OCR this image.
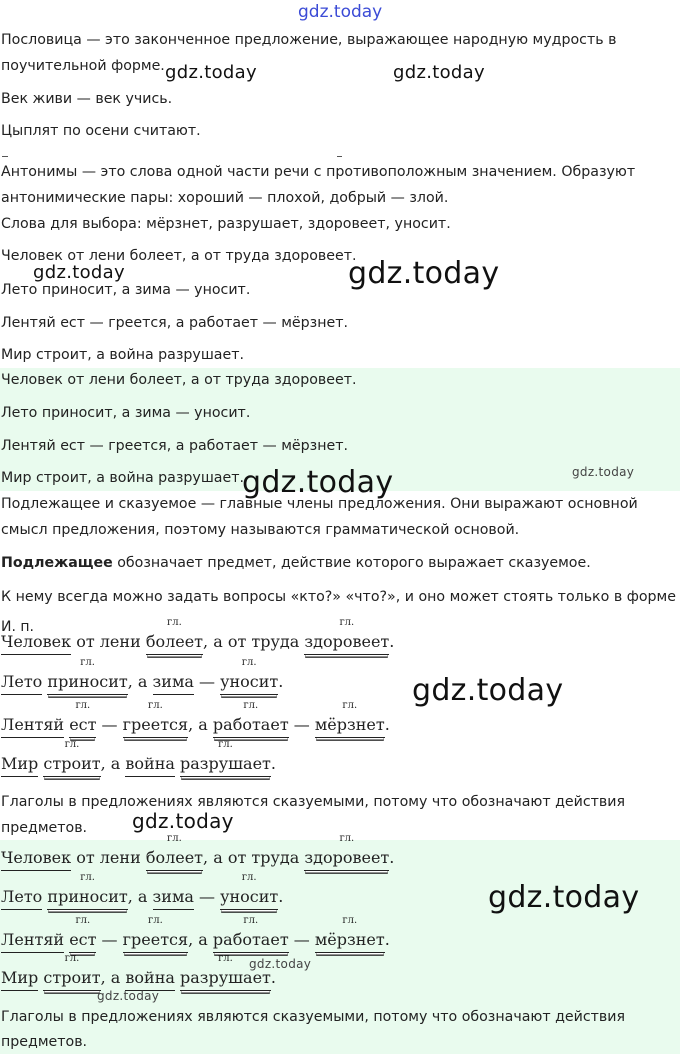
gdz.today
Пословица — это законченное предложение, выражающее народную мудрость в
поучительной форме.
Век живи — век учись.
Цыплят по осени считают.
Антонимы — это слова одной части речи с противоположным значением. Образуют
антонимические пары: хороший — плохой, добрый — злой.
Слова для выбора: мёрзнет, разрушает, здоровеет, уносит.
Человек от лени болеет, а от труда здоровеет.
Лето приносит, а зима — уносит.
Лентяй ест — греется, а работает — мёрзнет.
Мир строит, а война разрушает.
Человек от лени болеет, а от труда здоровеет.
Лето приносит, а зима — уносит.
Лентяй ест — греется, а работает — мёрзнет.
Мир строит, а война разрушает.
Подлежащее и сказуемое — главные члены предложения. Они выражают основной
смысл предложения, поэтому называются грамматической основой.
Подлежащее обозначает предмет, действие которого выражает сказуемое.
К нему всегда можно задать вопросы «кто?» «что?», и оно может стоять только в форме
И. п.
Человек от лени
гл.
болеет, а от труда
гл.
здоровеет.
Лето
гл.
приносит, а зима —
гл.
уносит.
Лентяй
гл.
ест —
гл.
греется, а
гл.
работает —
гл.
мёрзнет.
Мир
гл.
строит, а война
гл.
разрушает.
Глаголы в предложениях являются сказуемыми, потому что обозначают действия
предметов.
Человек от лени
гл.
болеет, а от труда
гл.
здоровеет.
Лето
гл.
приносит, а зима —
гл.
уносит.
Лентяй
гл.
ест —
гл.
греется, а
гл.
работает —
гл.
мёрзнет.
Мир
гл.
строит, а война
гл.
разрушает.
Глаголы в предложениях являются сказуемыми, потому что обозначают действия
предметов.
gdz.today	gdz.today
gdz.today	gdz.today
gdz.today	gdz.today
gdz.today
gdz.today
gdz.today
gdz.today
gdz.today
